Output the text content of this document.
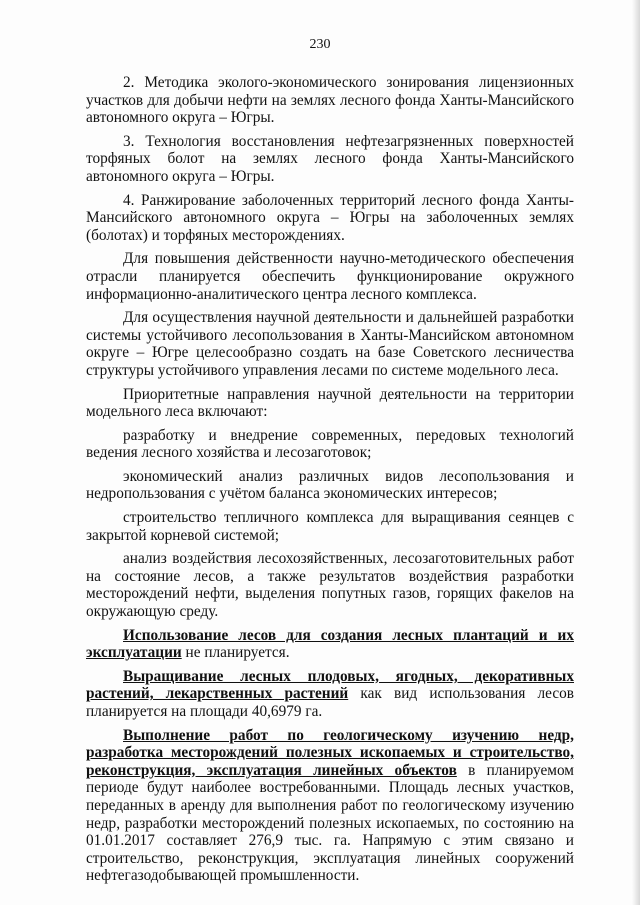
230

2. Методика эколого-экономического зонирования лицензионных участков для добычи нефти на землях лесного фонда Ханты-Мансийского автономного округа – Югры.

3. Технология восстановления нефтезагрязненных поверхностей торфяных болот на землях лесного фонда Ханты-Мансийского автономного округа – Югры.

4. Ранжирование заболоченных территорий лесного фонда Ханты-Мансийского автономного округа – Югры на заболоченных землях (болотах) и торфяных месторождениях.

Для повышения действенности научно-методического обеспечения отрасли планируется обеспечить функционирование окружного информационно-аналитического центра лесного комплекса.

Для осуществления научной деятельности и дальнейшей разработки системы устойчивого лесопользования в Ханты-Мансийском автономном округе – Югре целесообразно создать на базе Советского лесничества структуры устойчивого управления лесами по системе модельного леса.

Приоритетные направления научной деятельности на территории модельного леса включают:

разработку и внедрение современных, передовых технологий ведения лесного хозяйства и лесозаготовок;

экономический анализ различных видов лесопользования и недропользования с учётом баланса экономических интересов;

строительство тепличного комплекса для выращивания сеянцев с закрытой корневой системой;

анализ воздействия лесохозяйственных, лесозаготовительных работ на состояние лесов, а также результатов воздействия разработки месторождений нефти, выделения попутных газов, горящих факелов на окружающую среду.

Использование лесов для создания лесных плантаций и их эксплуатации не планируется.

Выращивание лесных плодовых, ягодных, декоративных растений, лекарственных растений как вид использования лесов планируется на площади 40,6979 га.

Выполнение работ по геологическому изучению недр, разработка месторождений полезных ископаемых и строительство, реконструкция, эксплуатация линейных объектов в планируемом периоде будут наиболее востребованными. Площадь лесных участков, переданных в аренду для выполнения работ по геологическому изучению недр, разработки месторождений полезных ископаемых, по состоянию на 01.01.2017 составляет 276,9 тыс. га. Напрямую с этим связано и строительство, реконструкция, эксплуатация линейных сооружений нефтегазодобывающей промышленности.
